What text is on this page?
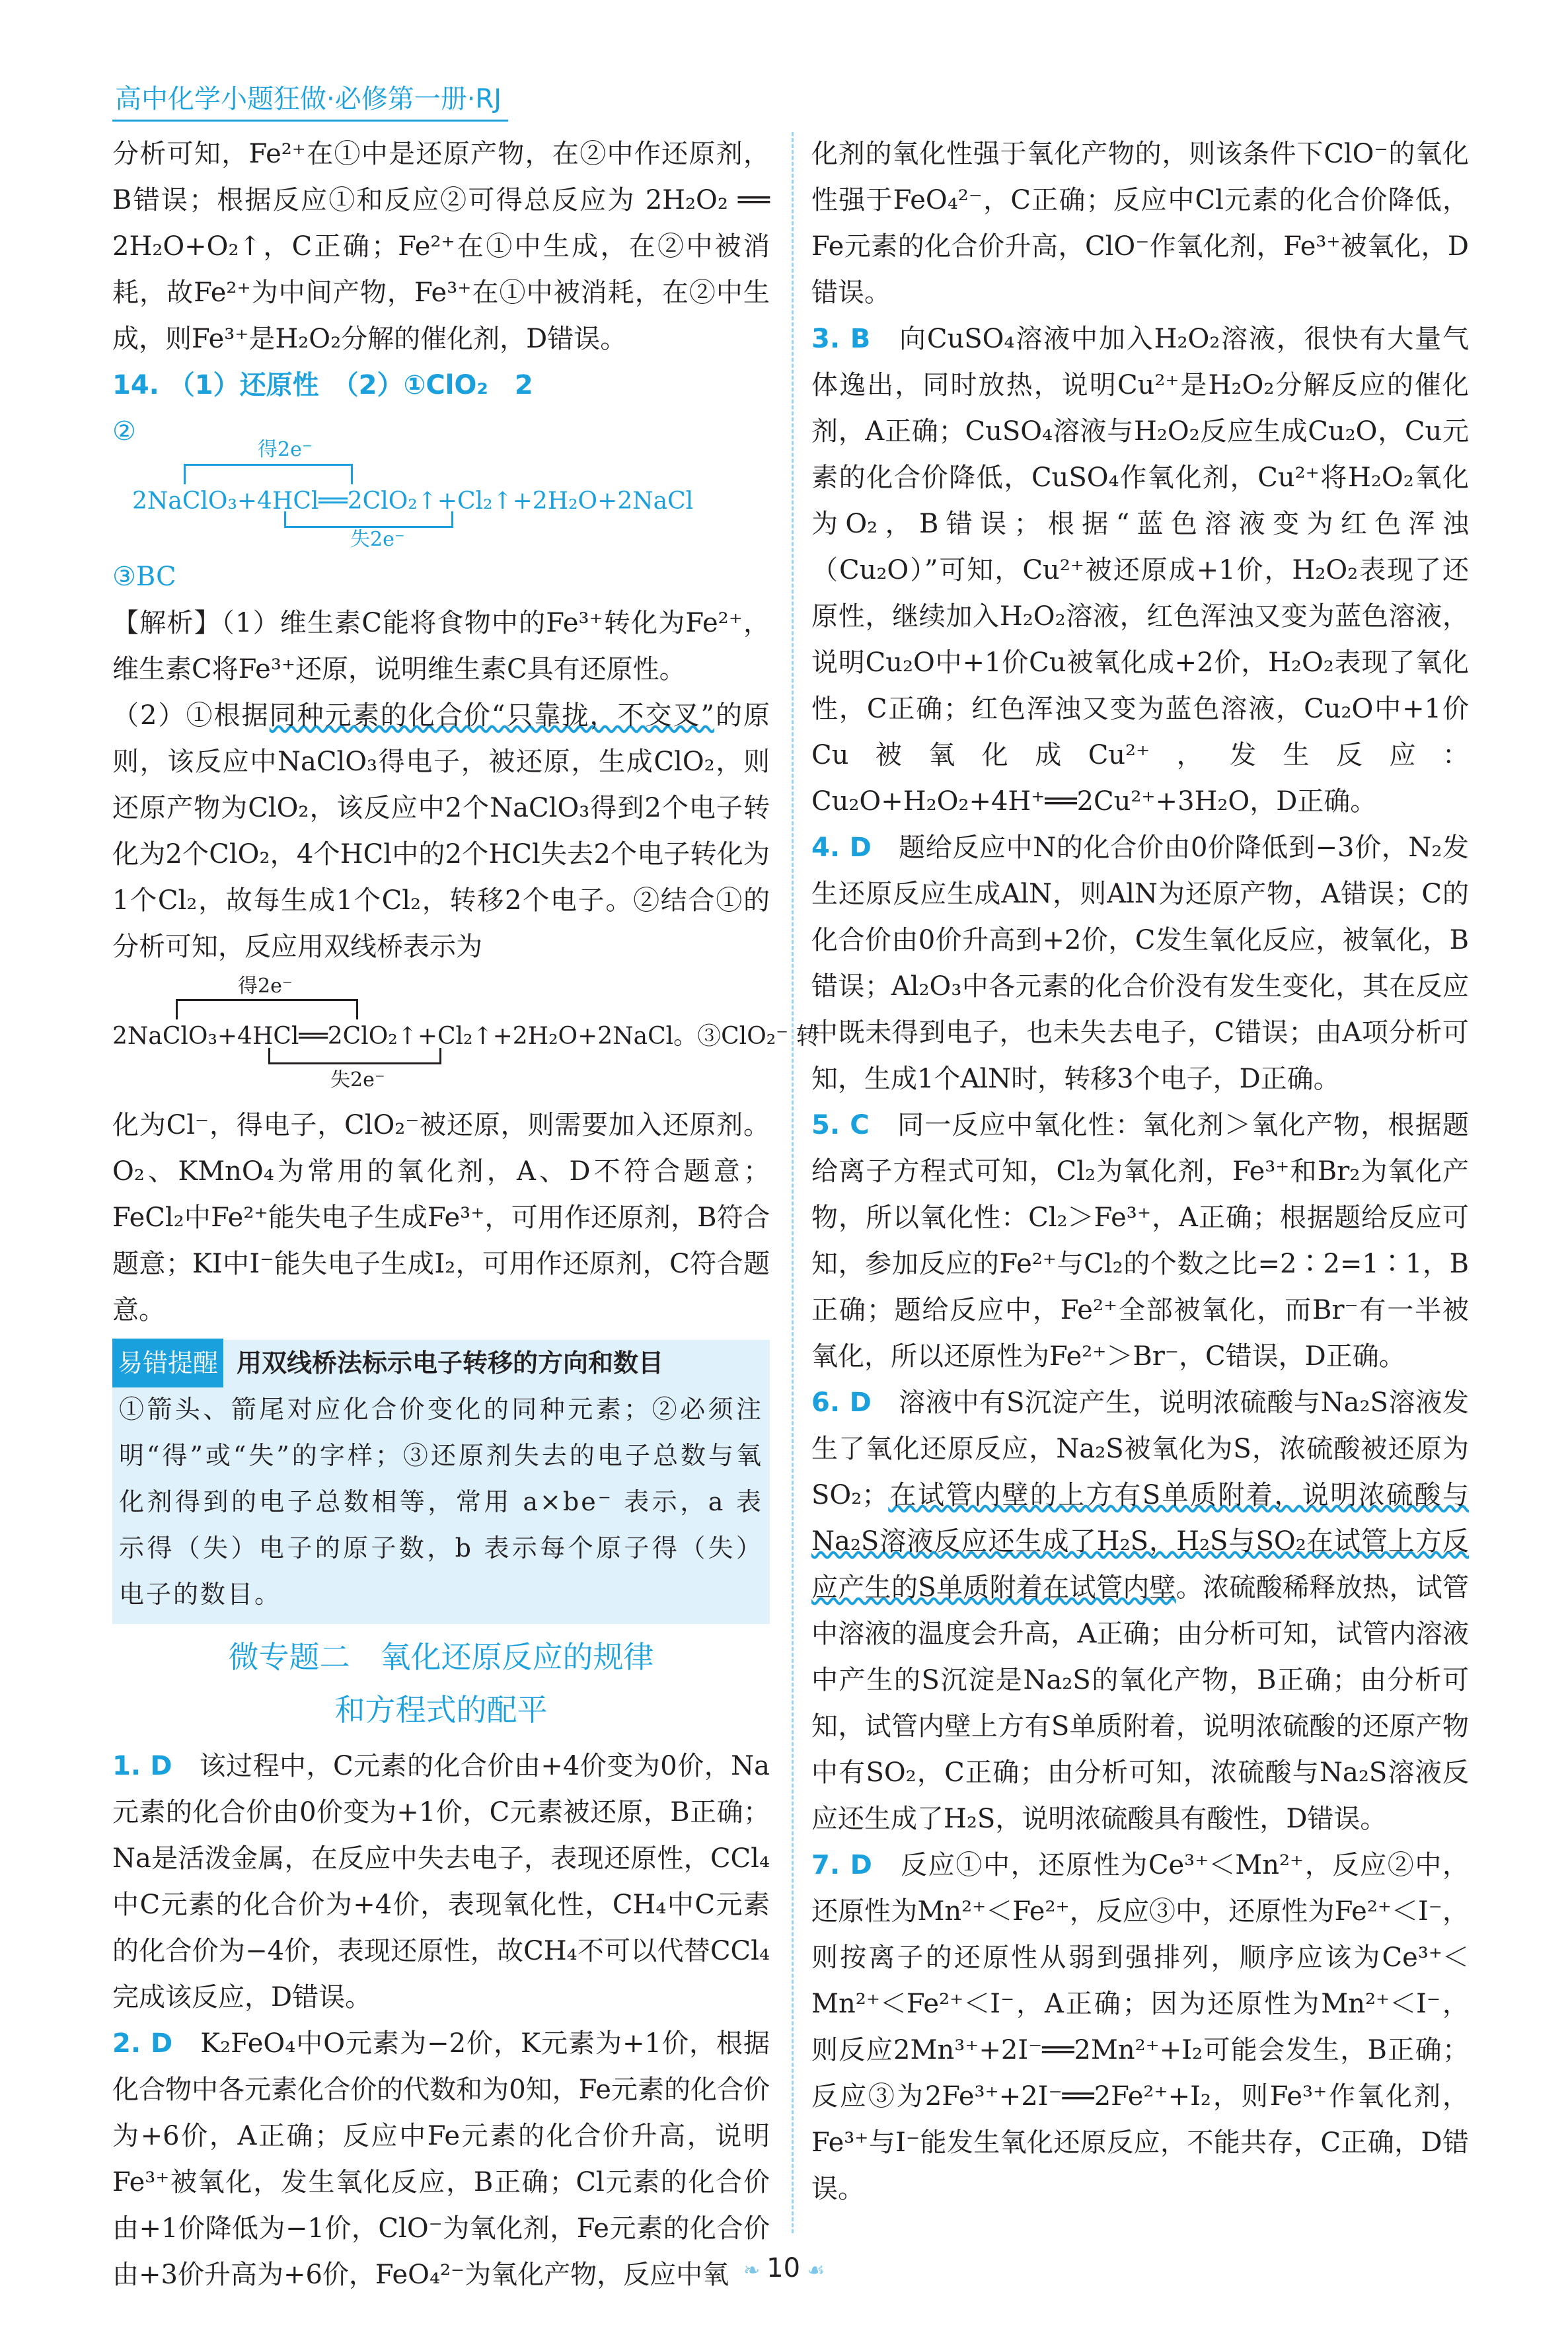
高中化学小题狂做·必修第一册·RJ

分析可知，Fe²⁺在①中是还原产物，在②中作还原剂，B错误；根据反应①和反应②可得总反应为 2H₂O₂ ══ 2H₂O+O₂↑，C正确；Fe²⁺在①中生成，在②中被消耗，故Fe²⁺为中间产物，Fe³⁺在①中被消耗，在②中生成，则Fe³⁺是H₂O₂分解的催化剂，D错误。

14. （1）还原性　（2）①ClO₂　2

②

得2e⁻
2NaClO₃+4HCl══2ClO₂↑+Cl₂↑+2H₂O+2NaCl
失2e⁻

③BC

【解析】（1）维生素C能将食物中的Fe³⁺转化为Fe²⁺，维生素C将Fe³⁺还原，说明维生素C具有还原性。

（2）①根据同种元素的化合价“只靠拢，不交叉”的原则，该反应中NaClO₃得电子，被还原，生成ClO₂，则还原产物为ClO₂，该反应中2个NaClO₃得到2个电子转化为2个ClO₂，4个HCl中的2个HCl失去2个电子转化为1个Cl₂，故每生成1个Cl₂，转移2个电子。②结合①的分析可知，反应用双线桥表示为

得2e⁻
2NaClO₃+4HCl══2ClO₂↑+Cl₂↑+2H₂O+2NaCl。③ClO₂⁻ 转
失2e⁻

化为Cl⁻，得电子，ClO₂⁻被还原，则需要加入还原剂。O₂、KMnO₄为常用的氧化剂，A、D不符合题意；FeCl₂中Fe²⁺能失电子生成Fe³⁺，可用作还原剂，B符合题意；KI中I⁻能失电子生成I₂，可用作还原剂，C符合题意。

易错提醒 用双线桥法标示电子转移的方向和数目
①箭头、箭尾对应化合价变化的同种元素；②必须注明“得”或“失”的字样；③还原剂失去的电子总数与氧化剂得到的电子总数相等，常用 a×be⁻ 表示，a 表示得（失）电子的原子数，b 表示每个原子得（失）电子的数目。
微专题二　氧化还原反应的规律
和方程式的配平

1. D　 该过程中，C元素的化合价由+4价变为0价，Na元素的化合价由0价变为+1价，C元素被还原，B正确；Na是活泼金属，在反应中失去电子，表现还原性，CCl₄中C元素的化合价为+4价，表现氧化性，CH₄中C元素的化合价为−4价，表现还原性，故CH₄不可以代替CCl₄完成该反应，D错误。

2. D　 K₂FeO₄中O元素为−2价，K元素为+1价，根据化合物中各元素化合价的代数和为0知，Fe元素的化合价为+6价，A正确；反应中Fe元素的化合价升高，说明Fe³⁺被氧化，发生氧化反应，B正确；Cl元素的化合价由+1价降低为−1价，ClO⁻为氧化剂，Fe元素的化合价由+3价升高为+6价，FeO₄²⁻为氧化产物，反应中氧

化剂的氧化性强于氧化产物的，则该条件下ClO⁻的氧化性强于FeO₄²⁻，C正确；反应中Cl元素的化合价降低，Fe元素的化合价升高，ClO⁻作氧化剂，Fe³⁺被氧化，D错误。

3. B　 向CuSO₄溶液中加入H₂O₂溶液，很快有大量气体逸出，同时放热，说明Cu²⁺是H₂O₂分解反应的催化剂，A正确；CuSO₄溶液与H₂O₂反应生成Cu₂O，Cu元素的化合价降低，CuSO₄作氧化剂，Cu²⁺将H₂O₂氧化为O₂，B错误；根据“蓝色溶液变为红色浑浊（Cu₂O）”可知，Cu²⁺被还原成+1价，H₂O₂表现了还原性，继续加入H₂O₂溶液，红色浑浊又变为蓝色溶液，说明Cu₂O中+1价Cu被氧化成+2价，H₂O₂表现了氧化性，C正确；红色浑浊又变为蓝色溶液，Cu₂O中+1价Cu被氧化成Cu²⁺，发生反应：Cu₂O+H₂O₂+4H⁺══2Cu²⁺+3H₂O，D正确。

4. D　 题给反应中N的化合价由0价降低到−3价，N₂发生还原反应生成AlN，则AlN为还原产物，A错误；C的化合价由0价升高到+2价，C发生氧化反应，被氧化，B错误；Al₂O₃中各元素的化合价没有发生变化，其在反应中既未得到电子，也未失去电子，C错误；由A项分析可知，生成1个AlN时，转移3个电子，D正确。

5. C　 同一反应中氧化性：氧化剂＞氧化产物，根据题给离子方程式可知，Cl₂为氧化剂，Fe³⁺和Br₂为氧化产物，所以氧化性：Cl₂＞Fe³⁺，A正确；根据题给反应可知，参加反应的Fe²⁺与Cl₂的个数之比=2∶2=1∶1，B正确；题给反应中，Fe²⁺全部被氧化，而Br⁻有一半被氧化，所以还原性为Fe²⁺＞Br⁻，C错误，D正确。

6. D　 溶液中有S沉淀产生，说明浓硫酸与Na₂S溶液发生了氧化还原反应，Na₂S被氧化为S，浓硫酸被还原为SO₂；在试管内壁的上方有S单质附着，说明浓硫酸与Na₂S溶液反应还生成了H₂S，H₂S与SO₂在试管上方反应产生的S单质附着在试管内壁。浓硫酸稀释放热，试管中溶液的温度会升高，A正确；由分析可知，试管内溶液中产生的S沉淀是Na₂S的氧化产物，B正确；由分析可知，试管内壁上方有S单质附着，说明浓硫酸的还原产物中有SO₂，C正确；由分析可知，浓硫酸与Na₂S溶液反应还生成了H₂S，说明浓硫酸具有酸性，D错误。

7. D　 反应①中，还原性为Ce³⁺＜Mn²⁺，反应②中，还原性为Mn²⁺＜Fe²⁺，反应③中，还原性为Fe²⁺＜I⁻，则按离子的还原性从弱到强排列，顺序应该为Ce³⁺＜Mn²⁺＜Fe²⁺＜I⁻，A正确；因为还原性为Mn²⁺＜I⁻，则反应2Mn³⁺+2I⁻══2Mn²⁺+I₂可能会发生，B正确；反应③为2Fe³⁺+2I⁻══2Fe²⁺+I₂，则Fe³⁺作氧化剂，Fe³⁺与I⁻能发生氧化还原反应，不能共存，C正确，D错误。

❧ 10 ☙
